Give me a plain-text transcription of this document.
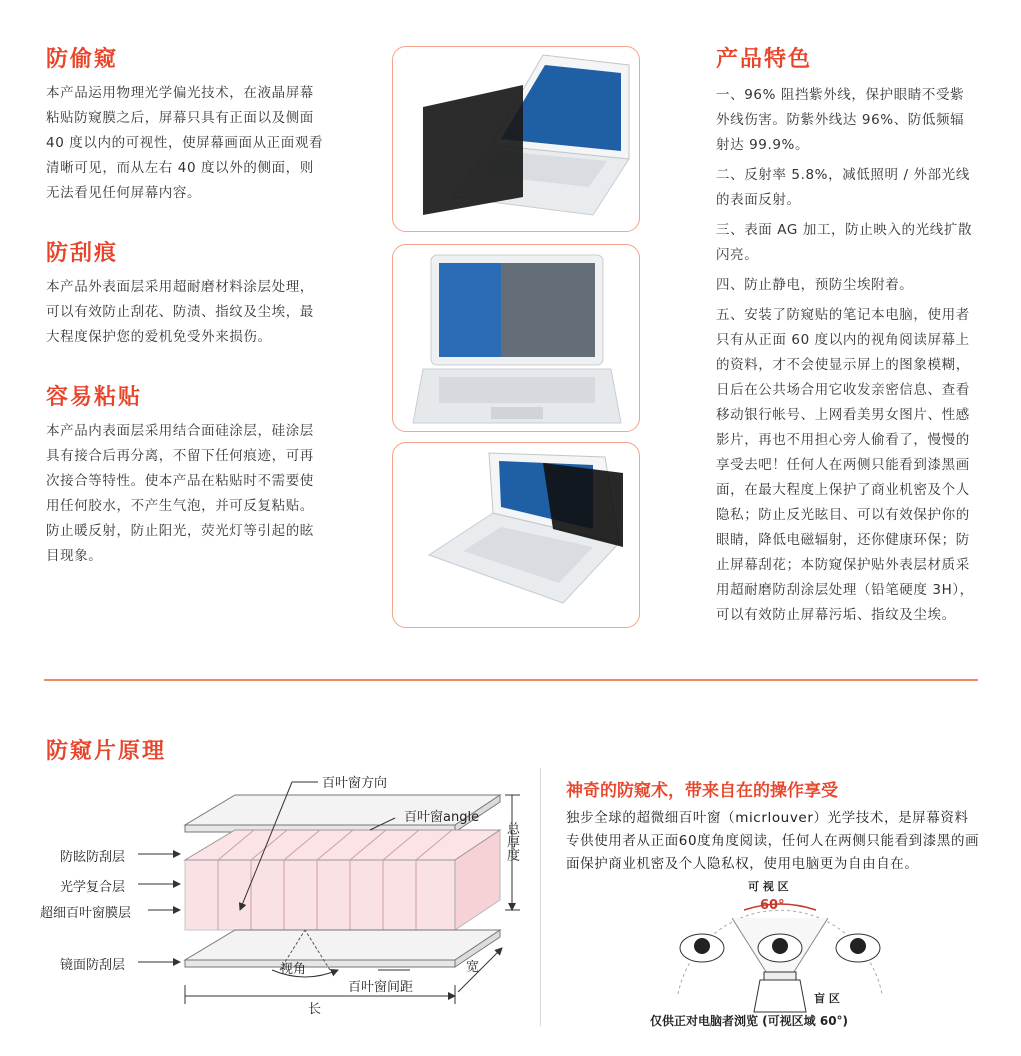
防偷窥
本产品运用物理光学偏光技术，在液晶屏幕粘贴防窥膜之后，屏幕只具有正面以及侧面 40 度以内的可视性，使屏幕画面从正面观看清晰可见，而从左右 40 度以外的侧面，则无法看见任何屏幕内容。
防刮痕
本产品外表面层采用超耐磨材料涂层处理，可以有效防止刮花、防渍、指纹及尘埃，最大程度保护您的爱机免受外来损伤。
容易粘贴
本产品内表面层采用结合面硅涂层，硅涂层具有接合后再分离，不留下任何痕迹，可再次接合等特性。使本产品在粘贴时不需要使用任何胶水，不产生气泡，并可反复粘贴。防止暖反射，防止阳光，荧光灯等引起的眩目现象。
产品特色
一、96% 阻挡紫外线，保护眼睛不受紫外线伤害。防紫外线达 96%、防低频辐射达 99.9%。
二、反射率 5.8%，减低照明 / 外部光线的表面反射。
三、表面 AG 加工，防止映入的光线扩散闪亮。
四、防止静电，预防尘埃附着。
五、安装了防窥贴的笔记本电脑，使用者只有从正面 60 度以内的视角阅读屏幕上的资料，才不会使显示屏上的图象模糊，日后在公共场合用它收发亲密信息、查看移动银行帐号、上网看美男女图片、性感影片，再也不用担心旁人偷看了，慢慢的享受去吧！任何人在两侧只能看到漆黑画面，在最大程度上保护了商业机密及个人隐私；防止反光眩目、可以有效保护你的眼睛，降低电磁辐射，还你健康环保；防止屏幕刮花；本防窥保护贴外表层材质采用超耐磨防刮涂层处理（铅笔硬度 3H），可以有效防止屏幕污垢、指纹及尘埃。
防窥片原理
百叶窗方向
百叶窗angle
防眩防刮层
光学复合层
超细百叶窗膜层
镜面防刮层
总厚度
视角
百叶窗间距
长
宽
神奇的防窥术，带来自在的操作享受
独步全球的超微细百叶窗（micrlouver）光学技术，是屏幕资料专供使用者从正面60度角度阅读，任何人在两侧只能看到漆黑的画面保护商业机密及个人隐私权，使用电脑更为自由自在。
可 视 区
60°
盲 区
仅供正对电脑者浏览 (可视区域 60°)
